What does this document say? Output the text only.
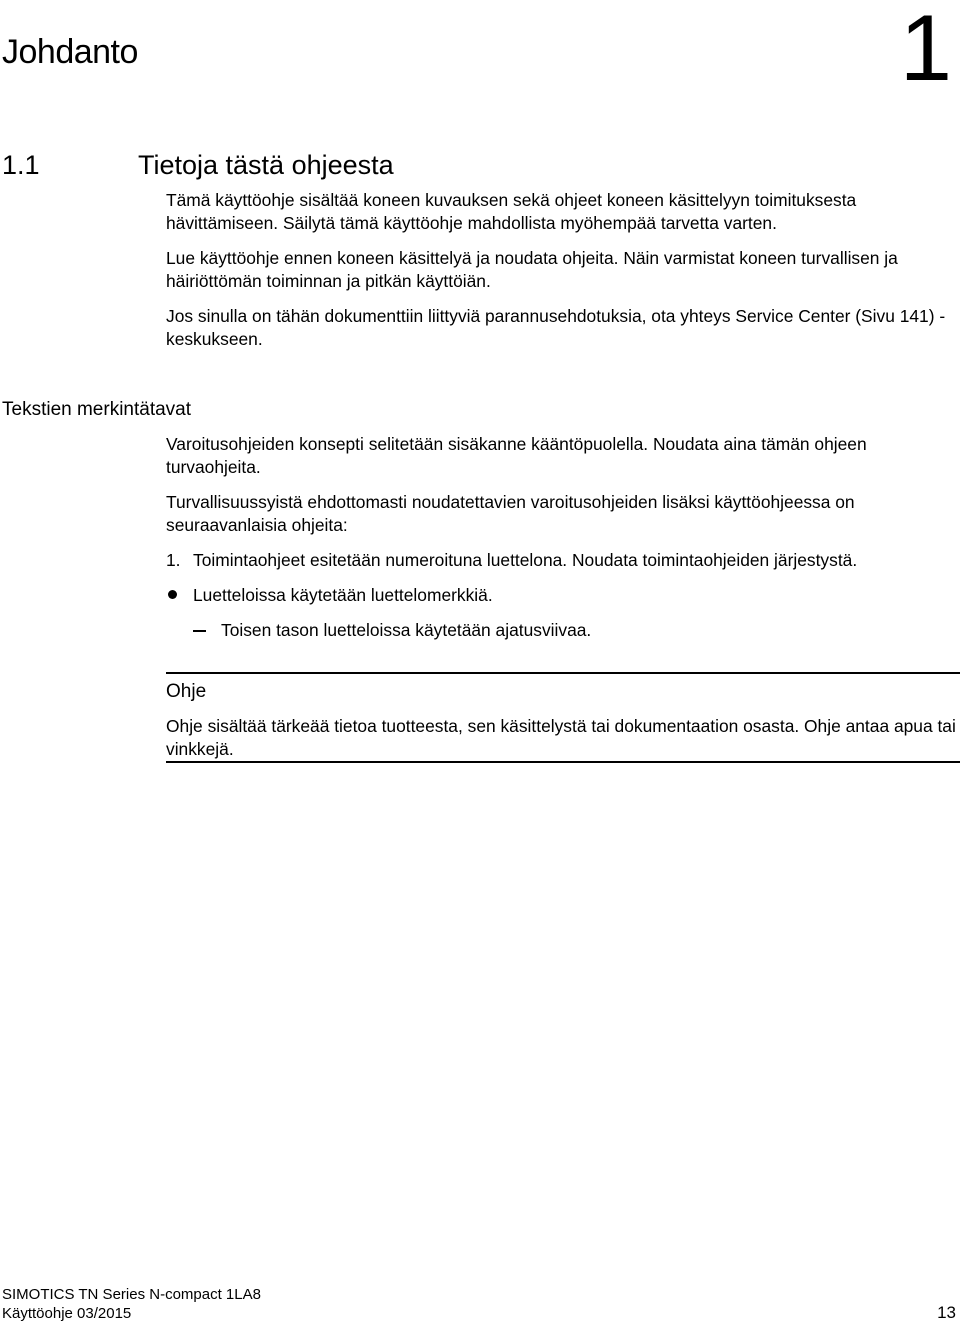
Johdanto	1
1.1	Tietoja tästä ohjeesta

Tämä käyttöohje sisältää koneen kuvauksen sekä ohjeet koneen käsittelyyn toimituksesta hävittämiseen. Säilytä tämä käyttöohje mahdollista myöhempää tarvetta varten.

Lue käyttöohje ennen koneen käsittelyä ja noudata ohjeita. Näin varmistat koneen turvallisen ja häiriöttömän toiminnan ja pitkän käyttöiän.

Jos sinulla on tähän dokumenttiin liittyviä parannusehdotuksia, ota yhteys Service Center (Sivu 141) -keskukseen.

Tekstien merkintätavat

Varoitusohjeiden konsepti selitetään sisäkanne kääntöpuolella. Noudata aina tämän ohjeen turvaohjeita.

Turvallisuussyistä ehdottomasti noudatettavien varoitusohjeiden lisäksi käyttöohjeessa on seuraavanlaisia ohjeita:

1. Toimintaohjeet esitetään numeroituna luettelona. Noudata toimintaohjeiden järjestystä.
Luetteloissa käytetään luettelomerkkiä.
Toisen tason luetteloissa käytetään ajatusviivaa.
Ohje

Ohje sisältää tärkeää tietoa tuotteesta, sen käsittelystä tai dokumentaation osasta. Ohje antaa apua tai vinkkejä.

SIMOTICS TN Series N-compact 1LA8
Käyttöohje 03/2015	13
